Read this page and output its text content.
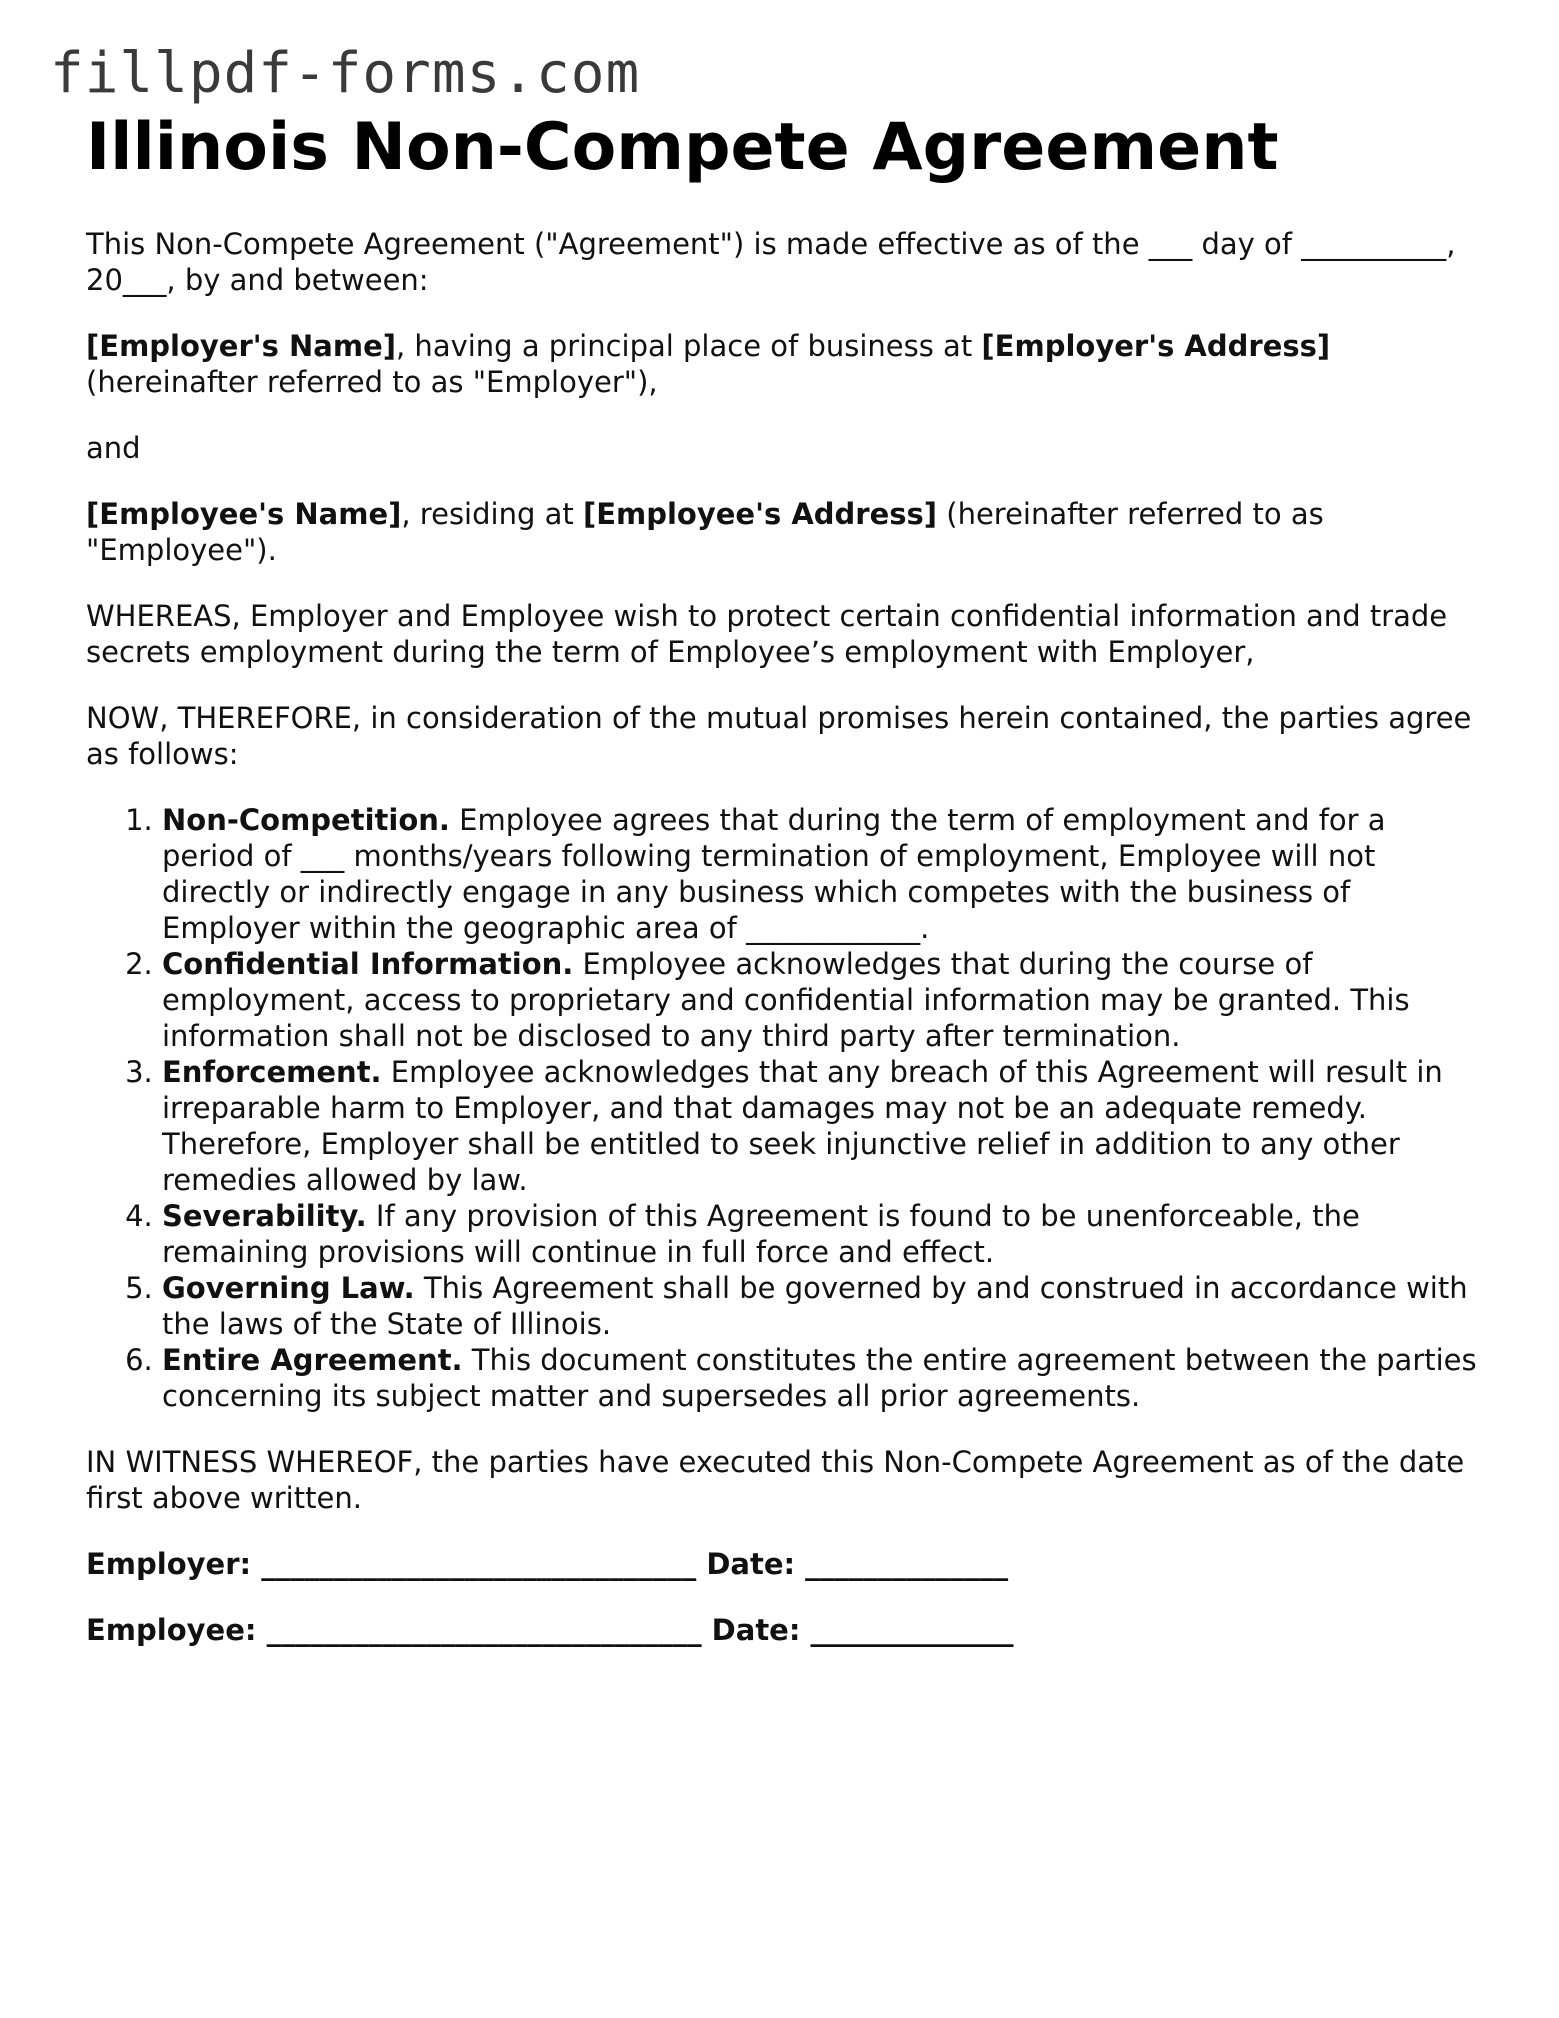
fillpdf-forms.com
Illinois Non-Compete Agreement

This Non-Compete Agreement ("Agreement") is made effective as of the ___ day of __________, 20___, by and between:

[Employer's Name], having a principal place of business at [Employer's Address] (hereinafter referred to as "Employer"),

and

[Employee's Name], residing at [Employee's Address] (hereinafter referred to as "Employee").

WHEREAS, Employer and Employee wish to protect certain confidential information and trade secrets employment during the term of Employee’s employment with Employer,

NOW, THEREFORE, in consideration of the mutual promises herein contained, the parties agree as follows:

1. Non-Competition. Employee agrees that during the term of employment and for a period of ___ months/years following termination of employment, Employee will not directly or indirectly engage in any business which competes with the business of Employer within the geographic area of ____________.
2. Confidential Information. Employee acknowledges that during the course of employment, access to proprietary and confidential information may be granted. This information shall not be disclosed to any third party after termination.
3. Enforcement. Employee acknowledges that any breach of this Agreement will result in irreparable harm to Employer, and that damages may not be an adequate remedy. Therefore, Employer shall be entitled to seek injunctive relief in addition to any other remedies allowed by law.
4. Severability. If any provision of this Agreement is found to be unenforceable, the remaining provisions will continue in full force and effect.
5. Governing Law. This Agreement shall be governed by and construed in accordance with the laws of the State of Illinois.
6. Entire Agreement. This document constitutes the entire agreement between the parties concerning its subject matter and supersedes all prior agreements.

IN WITNESS WHEREOF, the parties have executed this Non-Compete Agreement as of the date first above written.

Employer: ______________________________ Date: ______________
Employee: ______________________________ Date: ______________
